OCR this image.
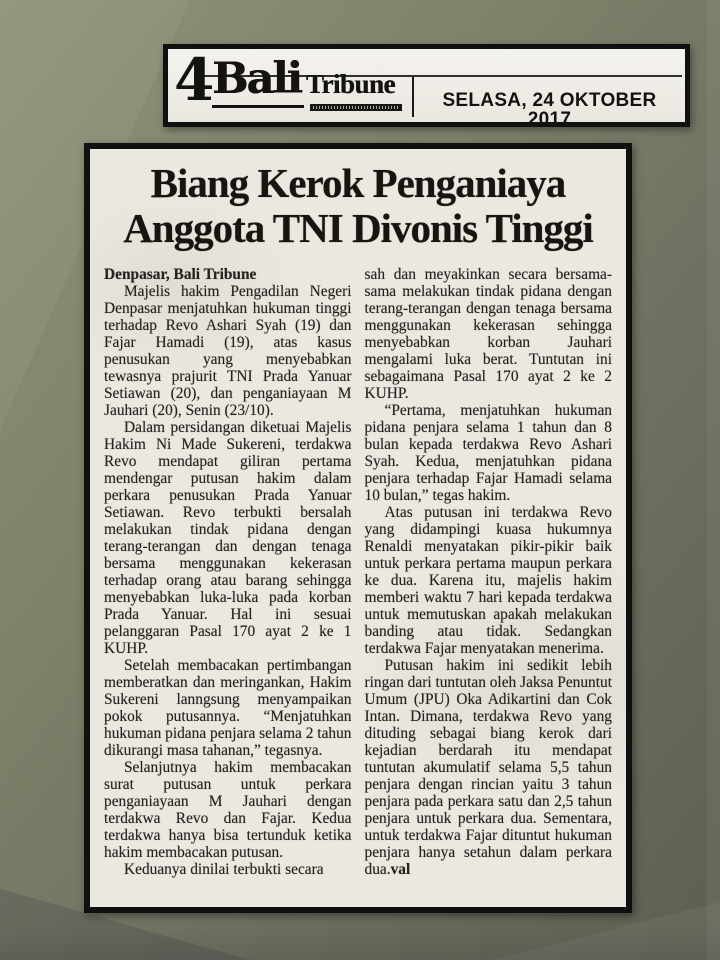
4 Bali Tribune
SELASA, 24 OKTOBER 2017
Biang Kerok Penganiaya
Anggota TNI Divonis Tinggi

Denpasar, Bali Tribune

Majelis hakim Pengadilan Negeri Denpasar menjatuhkan hukuman tinggi terhadap Revo Ashari Syah (19) dan Fajar Hamadi (19), atas kasus penusukan yang menyebabkan tewasnya prajurit TNI Prada Yanuar Setiawan (20), dan penganiayaan M Jauhari (20), Senin (23/10).

Dalam persidangan diketuai Majelis Hakim Ni Made Sukereni, terdakwa Revo mendapat giliran pertama mendengar putusan hakim dalam perkara penusukan Prada Yanuar Setiawan. Revo terbukti bersalah melakukan tindak pidana dengan terang-terangan dan dengan tenaga bersama menggunakan kekerasan terhadap orang atau barang sehingga menyebabkan luka-luka pada korban Prada Yanuar. Hal ini sesuai pelanggaran Pasal 170 ayat 2 ke 1 KUHP.

Setelah membacakan pertimbangan memberatkan dan meringankan, Hakim Sukereni lanngsung menyampaikan pokok putusannya. “Menjatuhkan hukuman pidana penjara selama 2 tahun dikurangi masa tahanan,” tegasnya.

Selanjutnya hakim membacakan surat putusan untuk perkara penganiayaan M Jauhari dengan terdakwa Revo dan Fajar. Kedua terdakwa hanya bisa tertunduk ketika hakim membacakan putusan.

Keduanya dinilai terbukti secara

sah dan meyakinkan secara bersama-sama melakukan tindak pidana dengan terang-terangan dengan tenaga bersama menggunakan kekerasan sehingga menyebabkan korban Jauhari mengalami luka berat. Tuntutan ini sebagaimana Pasal 170 ayat 2 ke 2 KUHP.

“Pertama, menjatuhkan hukuman pidana penjara selama 1 tahun dan 8 bulan kepada terdakwa Revo Ashari Syah. Kedua, menjatuhkan pidana penjara terhadap Fajar Hamadi selama 10 bulan,” tegas hakim.

Atas putusan ini terdakwa Revo yang didampingi kuasa hukumnya Renaldi menyatakan pikir-pikir baik untuk perkara pertama maupun perkara ke dua. Karena itu, majelis hakim memberi waktu 7 hari kepada terdakwa untuk memutuskan apakah melakukan banding atau tidak. Sedangkan terdakwa Fajar menyatakan menerima.

Putusan hakim ini sedikit lebih ringan dari tuntutan oleh Jaksa Penuntut Umum (JPU) Oka Adikartini dan Cok Intan. Dimana, terdakwa Revo yang dituding sebagai biang kerok dari kejadian berdarah itu mendapat tuntutan akumulatif selama 5,5 tahun penjara dengan rincian yaitu 3 tahun penjara pada perkara satu dan 2,5 tahun penjara untuk perkara dua. Sementara, untuk terdakwa Fajar dituntut hukuman penjara hanya setahun dalam perkara dua.val
